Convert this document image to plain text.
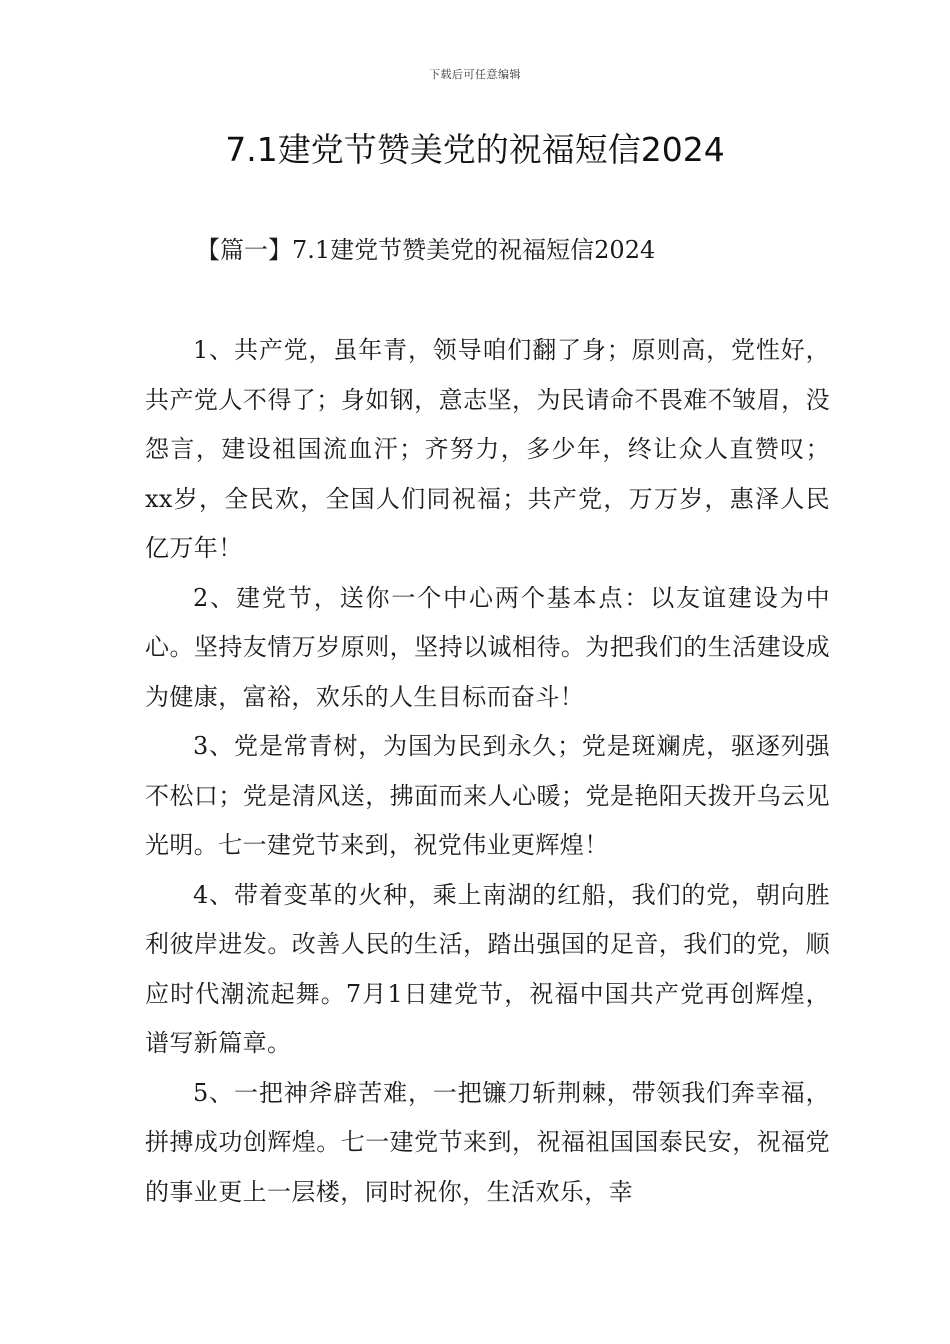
下载后可任意编辑
7.1建党节赞美党的祝福短信2024
【篇一】7.1建党节赞美党的祝福短信2024

1、共产党，虽年青，领导咱们翻了身；原则高，党性好，共产党人不得了；身如钢，意志坚，为民请命不畏难不皱眉，没怨言，建设祖国流血汗；齐努力，多少年，终让众人直赞叹；xx岁，全民欢，全国人们同祝福；共产党，万万岁，惠泽人民亿万年！

2、建党节，送你一个中心两个基本点：以友谊建设为中心。坚持友情万岁原则，坚持以诚相待。为把我们的生活建设成为健康，富裕，欢乐的人生目标而奋斗！

3、党是常青树，为国为民到永久；党是斑斓虎，驱逐列强不松口；党是清风送，拂面而来人心暖；党是艳阳天拨开乌云见光明。七一建党节来到，祝党伟业更辉煌！

4、带着变革的火种，乘上南湖的红船，我们的党，朝向胜利彼岸进发。改善人民的生活，踏出强国的足音，我们的党，顺应时代潮流起舞。7月1日建党节，祝福中国共产党再创辉煌，谱写新篇章。

5、一把神斧辟苦难，一把镰刀斩荆棘，带领我们奔幸福，拼搏成功创辉煌。七一建党节来到，祝福祖国国泰民安，祝福党的事业更上一层楼，同时祝你，生活欢乐，幸
